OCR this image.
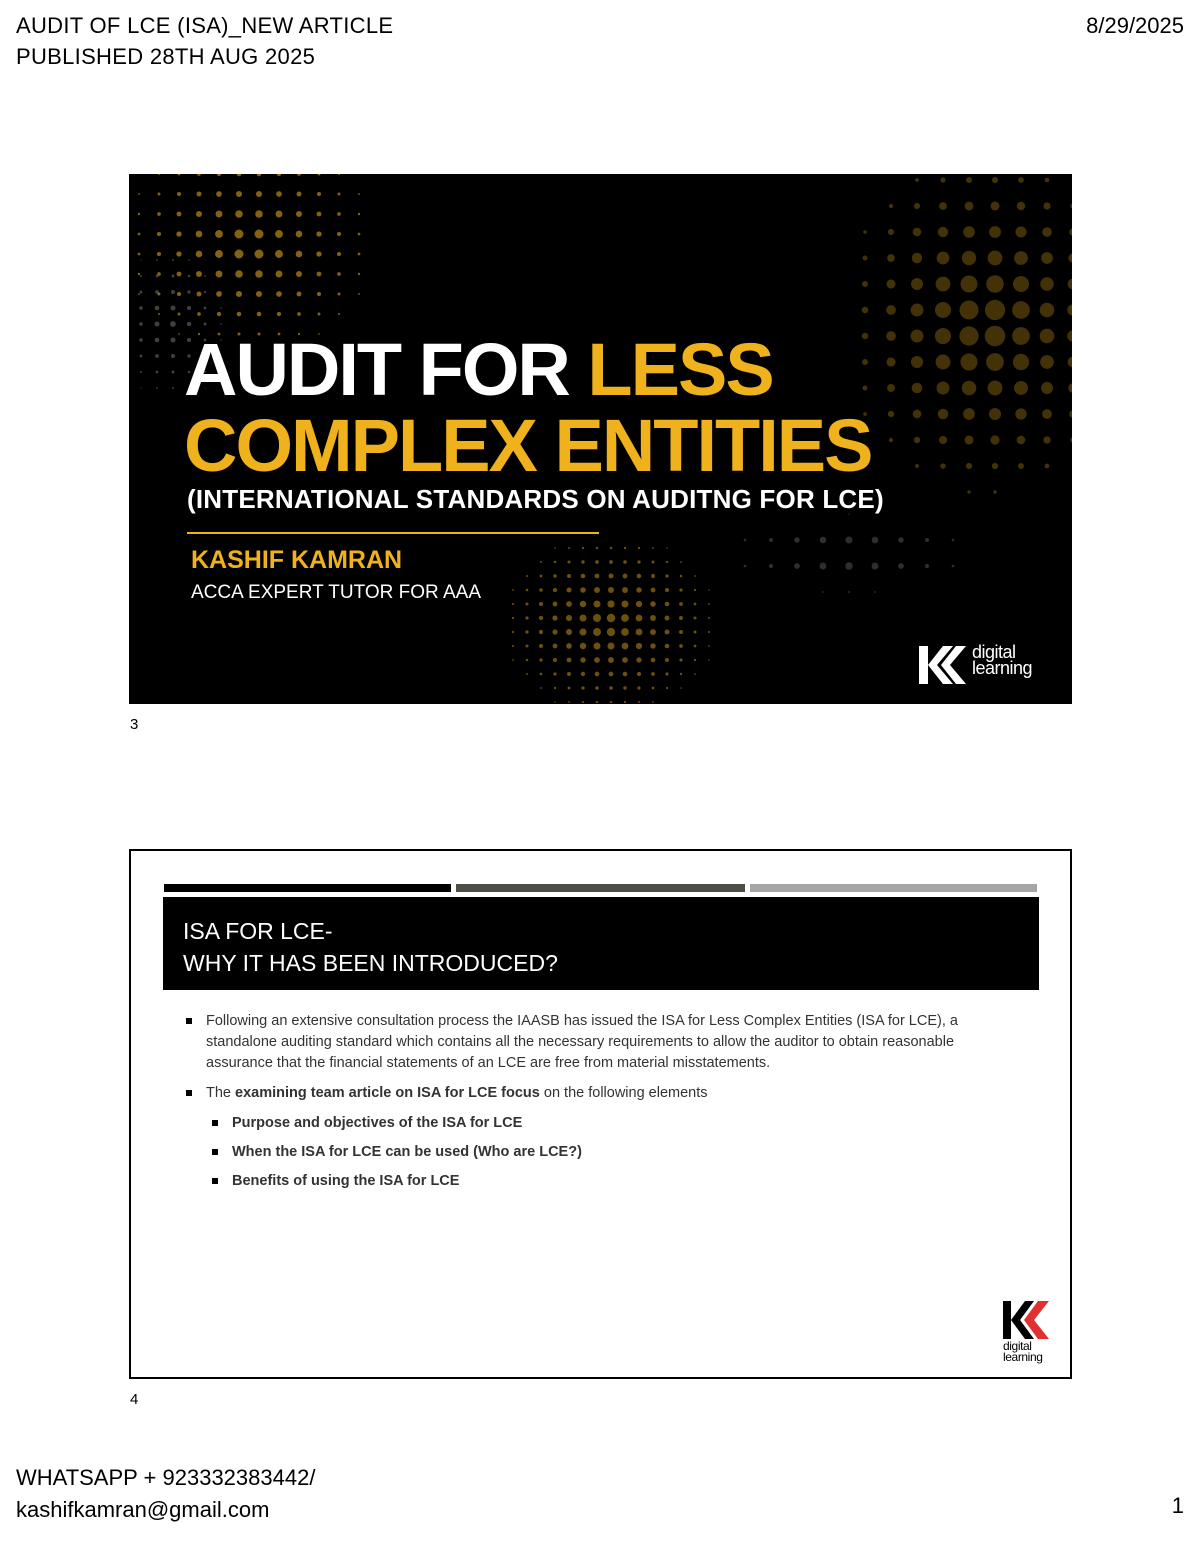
AUDIT OF LCE (ISA)_NEW ARTICLE
PUBLISHED 28TH AUG 2025
8/29/2025
AUDIT FOR LESS
COMPLEX ENTITIES
(INTERNATIONAL STANDARDS ON AUDITNG FOR LCE)
KASHIF KAMRAN
ACCA EXPERT TUTOR FOR AAA
digital
learning
3
ISA FOR LCE-
WHY IT HAS BEEN INTRODUCED?
Following an extensive consultation process the IAASB has issued the ISA for Less Complex Entities (ISA for LCE), a standalone auditing standard which contains all the necessary requirements to allow the auditor to obtain reasonable assurance that the financial statements of an LCE are free from material misstatements.
The examining team article on ISA for LCE focus on the following elements
Purpose and objectives of the ISA for LCE
When the ISA for LCE can be used (Who are LCE?)
Benefits of using the ISA for LCE
digital
learning
4
WHATSAPP + 923332383442/
kashifkamran@gmail.com	1
